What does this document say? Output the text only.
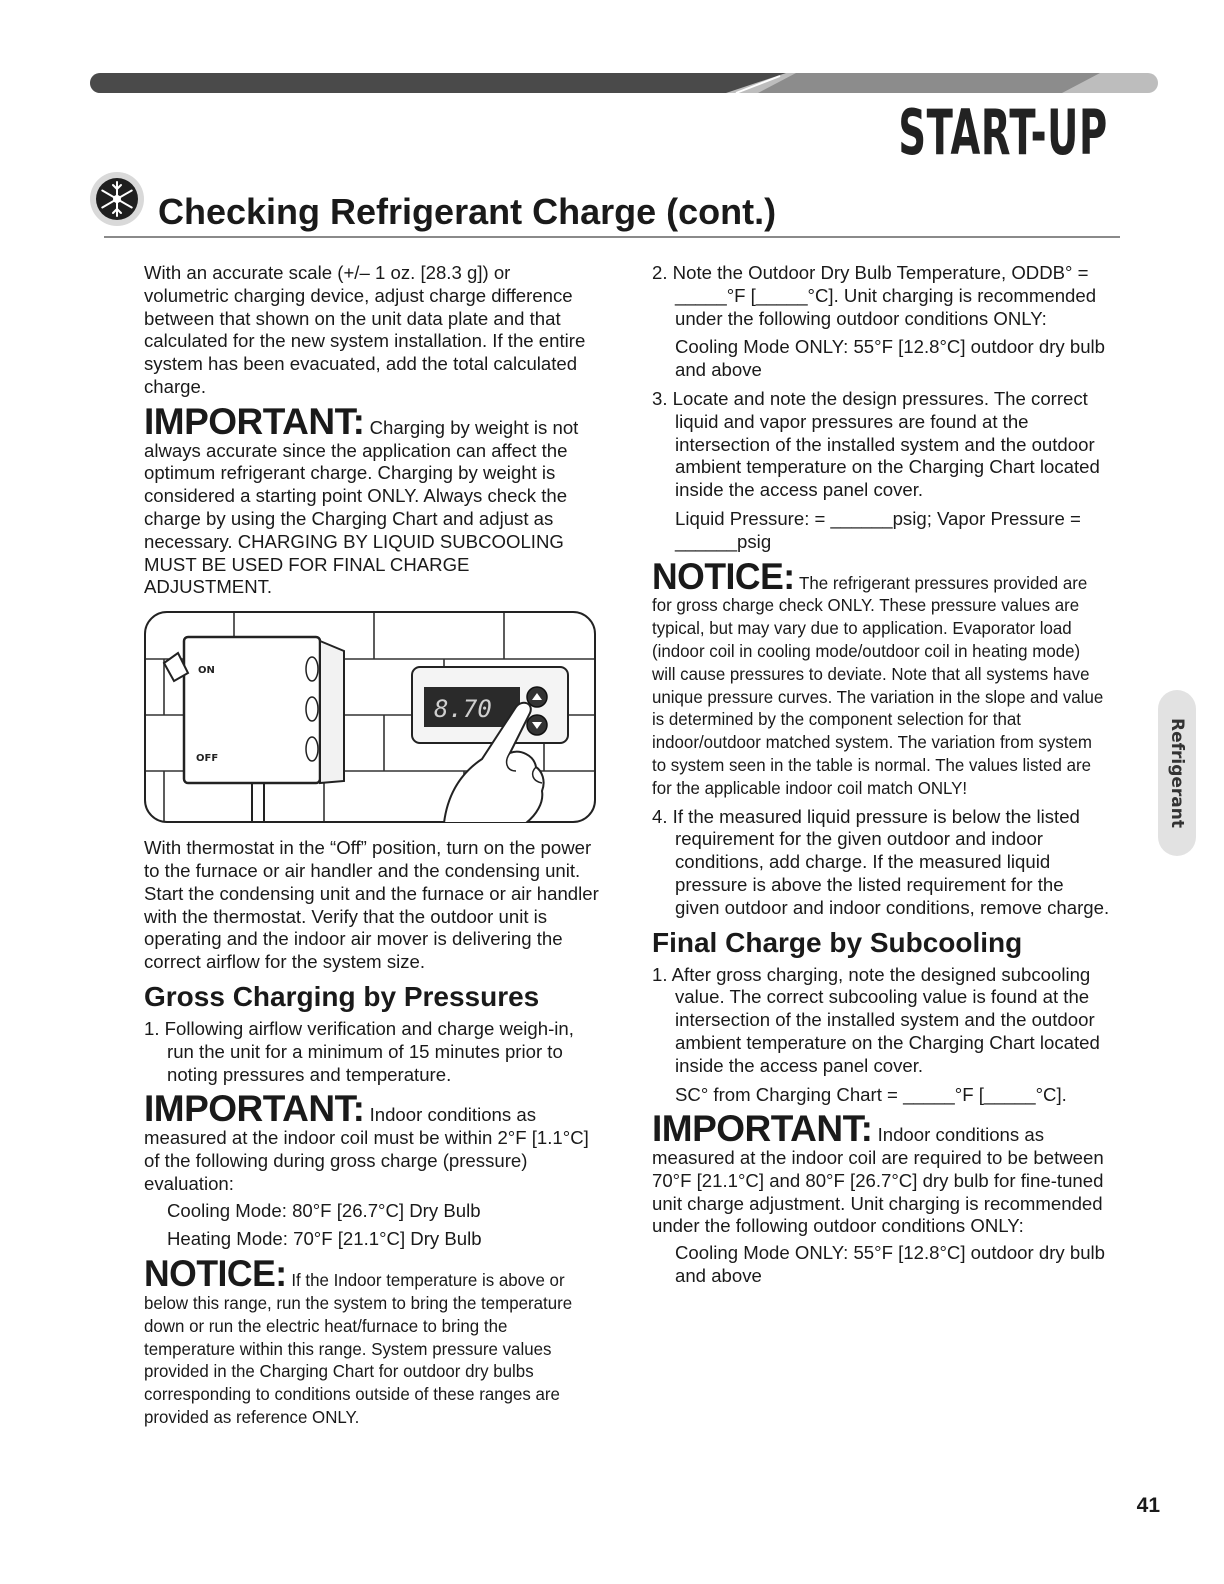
START-UP
Checking Refrigerant Charge (cont.)

With an accurate scale (+/– 1 oz. [28.3 g]) or volumetric charging device, adjust charge difference between that shown on the unit data plate and that calculated for the new system installation. If the entire system has been evacuated, add the total calculated charge.

IMPORTANT: Charging by weight is not always accurate since the application can affect the optimum refrigerant charge. Charging by weight is considered a starting point ONLY. Always check the charge by using the Charging Chart and adjust as necessary. CHARGING BY LIQUID SUBCOOLING MUST BE USED FOR FINAL CHARGE ADJUSTMENT.
ON
OFF
8.70

With thermostat in the “Off” position, turn on the power to the furnace or air handler and the condensing unit. Start the condensing unit and the furnace or air handler with the thermostat. Verify that the outdoor unit is operating and the indoor air mover is delivering the correct airflow for the system size.

Gross Charging by Pressures

1. Following airflow verification and charge weigh-in, run the unit for a minimum of 15 minutes prior to noting pressures and temperature.

IMPORTANT: Indoor conditions as measured at the indoor coil must be within 2°F [1.1°C] of the following during gross charge (pressure) evaluation:

Cooling Mode: 80°F [26.7°C] Dry Bulb

Heating Mode: 70°F [21.1°C] Dry Bulb

NOTICE: If the Indoor temperature is above or below this range, run the system to bring the temperature down or run the electric heat/furnace to bring the temperature within this range. System pressure values provided in the Charging Chart for outdoor dry bulbs corresponding to conditions outside of these ranges are provided as reference ONLY.

2. Note the Outdoor Dry Bulb Temperature, ODDB° = _____°F [_____°C]. Unit charging is recommended under the following outdoor conditions ONLY:

Cooling Mode ONLY: 55°F [12.8°C] outdoor dry bulb and above

3. Locate and note the design pressures. The correct liquid and vapor pressures are found at the intersection of the installed system and the outdoor ambient temperature on the Charging Chart located inside the access panel cover.

Liquid Pressure: = ______psig; Vapor Pressure = ______psig

NOTICE: The refrigerant pressures provided are for gross charge check ONLY. These pressure values are typical, but may vary due to application. Evaporator load (indoor coil in cooling mode/outdoor coil in heating mode) will cause pressures to deviate. Note that all systems have unique pressure curves. The variation in the slope and value is determined by the component selection for that indoor/outdoor matched system. The variation from system to system seen in the table is normal. The values listed are for the applicable indoor coil match ONLY!

4. If the measured liquid pressure is below the listed requirement for the given outdoor and indoor conditions, add charge. If the measured liquid pressure is above the listed requirement for the given outdoor and indoor conditions, remove charge.

Final Charge by Subcooling

1. After gross charging, note the designed subcooling value. The correct subcooling value is found at the intersection of the installed system and the outdoor ambient temperature on the Charging Chart located inside the access panel cover.

SC° from Charging Chart = _____°F [_____°C].

IMPORTANT: Indoor conditions as measured at the indoor coil are required to be between 70°F [21.1°C] and 80°F [26.7°C] dry bulb for fine-tuned unit charge adjustment. Unit charging is recommended under the following outdoor conditions ONLY:

Cooling Mode ONLY: 55°F [12.8°C] outdoor dry bulb and above

Refrigerant
41
